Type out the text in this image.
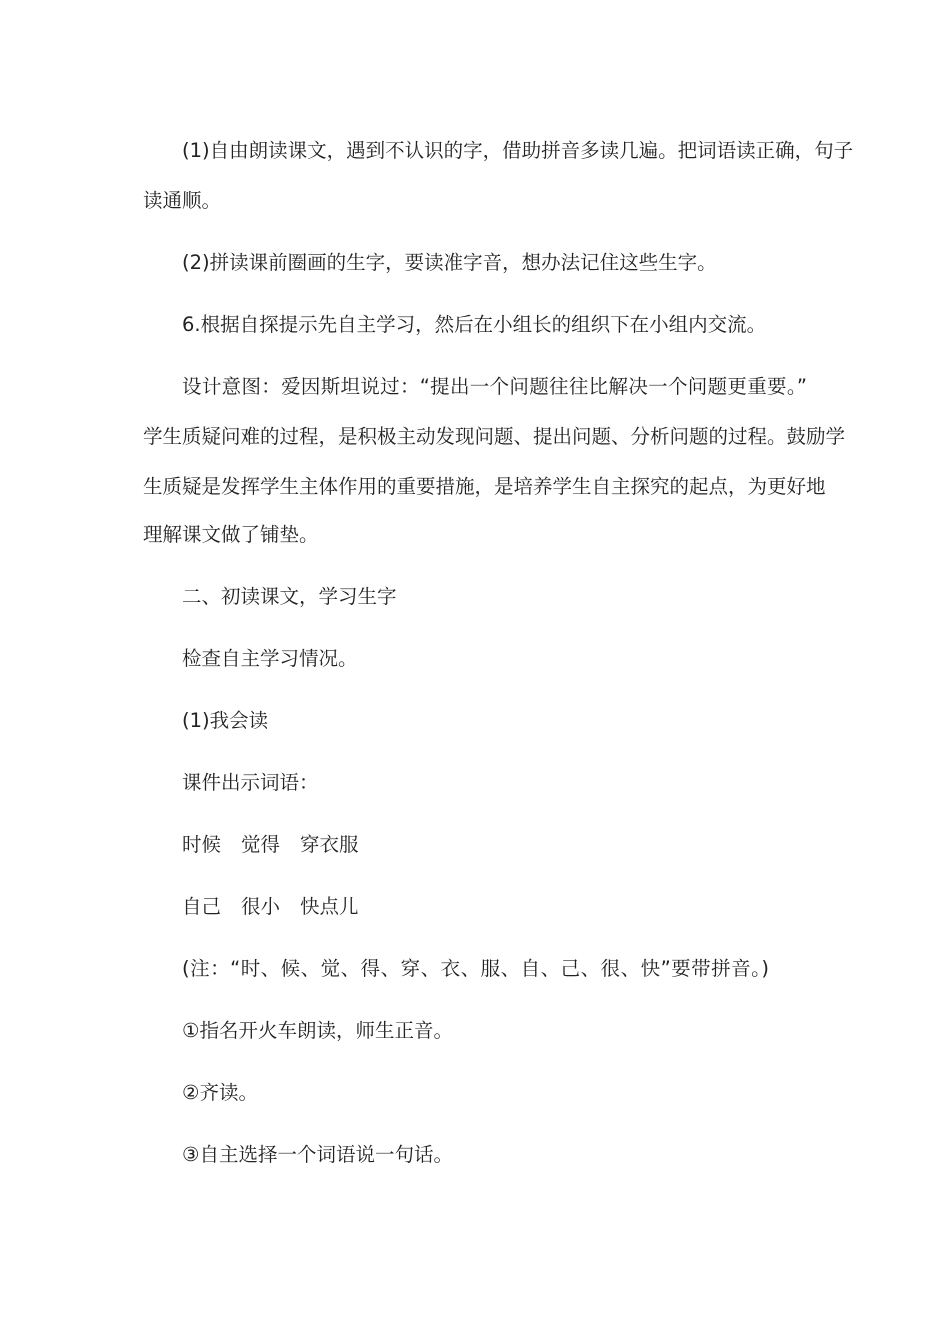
(1)自由朗读课文，遇到不认识的字，借助拼音多读几遍。把词语读正确，句子
读通顺。
(2)拼读课前圈画的生字，要读准字音，想办法记住这些生字。
6.根据自探提示先自主学习，然后在小组长的组织下在小组内交流。
设计意图：爱因斯坦说过：“提出一个问题往往比解决一个问题更重要。”
学生质疑问难的过程，是积极主动发现问题、提出问题、分析问题的过程。鼓励学
生质疑是发挥学生主体作用的重要措施，是培养学生自主探究的起点，为更好地
理解课文做了铺垫。
二、初读课文，学习生字
检查自主学习情况。
(1)我会读
课件出示词语：
时候 觉得 穿衣服
自己 很小 快点儿
(注：“时、候、觉、得、穿、衣、服、自、己、很、快”要带拼音。)
①指名开火车朗读，师生正音。
②齐读。
③自主选择一个词语说一句话。
